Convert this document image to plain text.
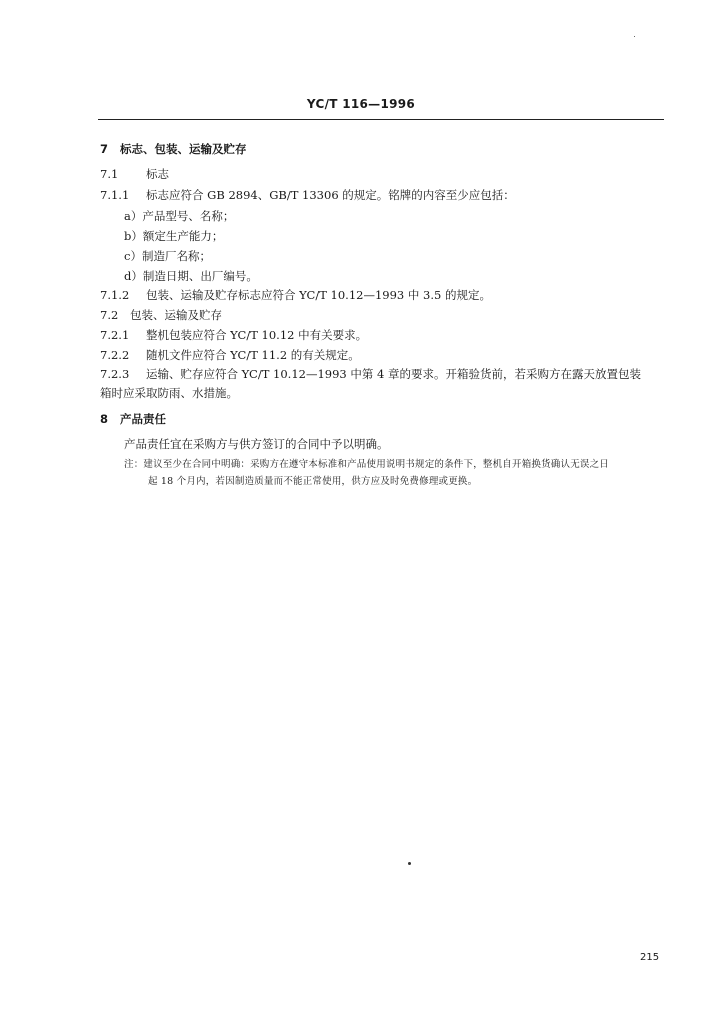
YC/T 116—1996
7 标志、包装、运输及贮存
7.1 标志
7.1.1 标志应符合 GB 2894、GB/T 13306 的规定。铭牌的内容至少应包括：
a）产品型号、名称；
b）额定生产能力；
c）制造厂名称；
d）制造日期、出厂编号。
7.1.2 包装、运输及贮存标志应符合 YC/T 10.12—1993 中 3.5 的规定。
7.2 包装、运输及贮存
7.2.1 整机包装应符合 YC/T 10.12 中有关要求。
7.2.2 随机文件应符合 YC/T 11.2 的有关规定。
7.2.3 运输、贮存应符合 YC/T 10.12—1993 中第 4 章的要求。开箱验货前，若采购方在露天放置包装
箱时应采取防雨、水措施。
8 产品责任
产品责任宜在采购方与供方签订的合同中予以明确。
注：建议至少在合同中明确：采购方在遵守本标准和产品使用说明书规定的条件下，整机自开箱换货确认无误之日
起 18 个月内，若因制造质量而不能正常使用，供方应及时免费修理或更换。
215
